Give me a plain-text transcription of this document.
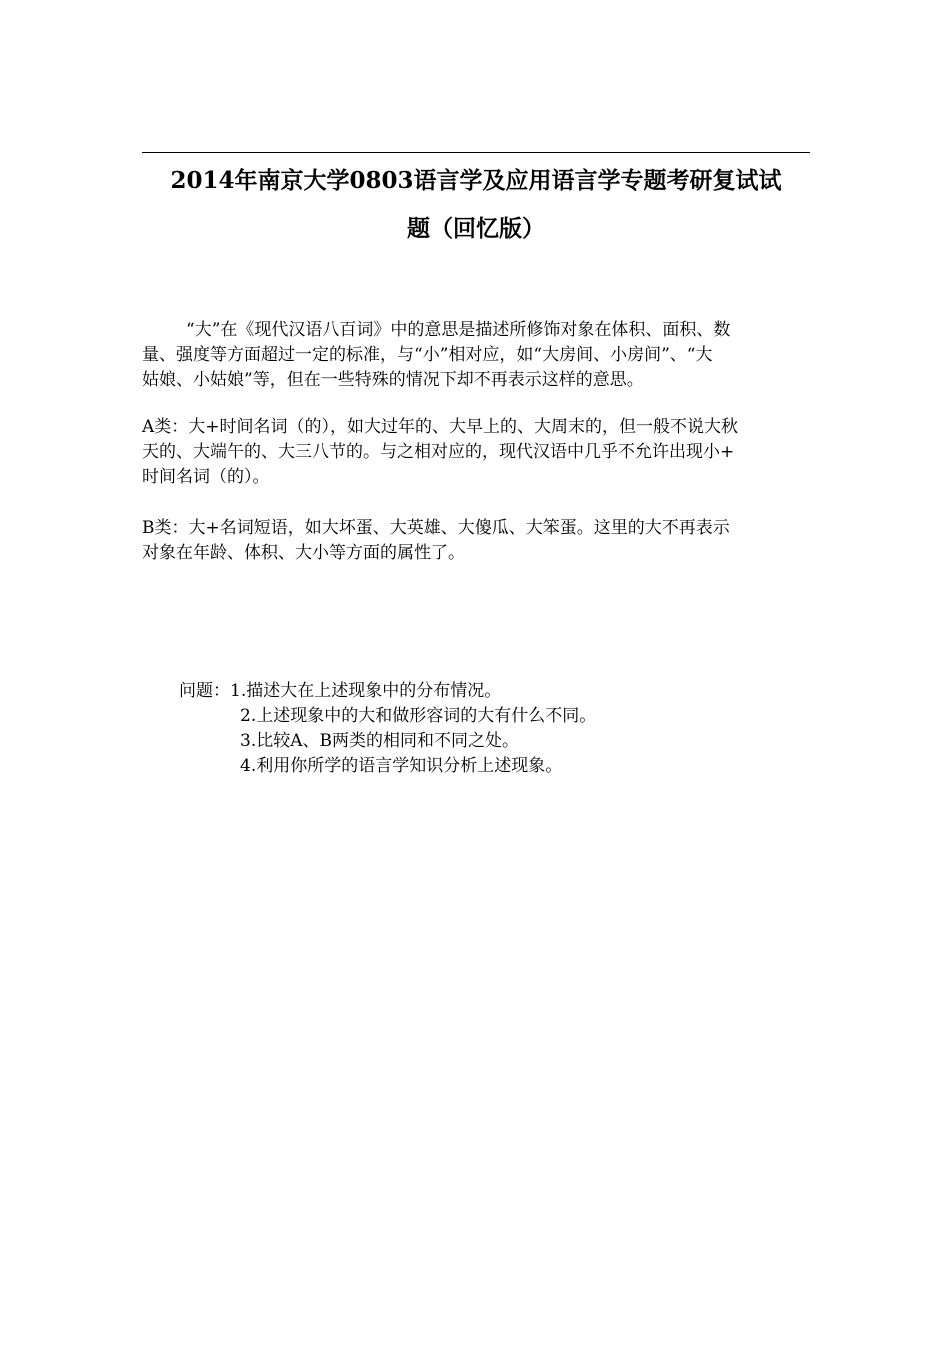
2014年南京大学0803语言学及应用语言学专题考研复试试
题（回忆版）
“大”在《现代汉语八百词》中的意思是描述所修饰对象在体积、面积、数
量、强度等方面超过一定的标准，与“小”相对应，如“大房间、小房间”、“大
姑娘、小姑娘”等，但在一些特殊的情况下却不再表示这样的意思。
A类：大+时间名词（的），如大过年的、大早上的、大周末的，但一般不说大秋
天的、大端午的、大三八节的。与之相对应的，现代汉语中几乎不允许出现小+
时间名词（的）。
B类：大+名词短语，如大坏蛋、大英雄、大傻瓜、大笨蛋。这里的大不再表示
对象在年龄、体积、大小等方面的属性了。
问题：1.描述大在上述现象中的分布情况。
2.上述现象中的大和做形容词的大有什么不同。
3.比较A、B两类的相同和不同之处。
4.利用你所学的语言学知识分析上述现象。
